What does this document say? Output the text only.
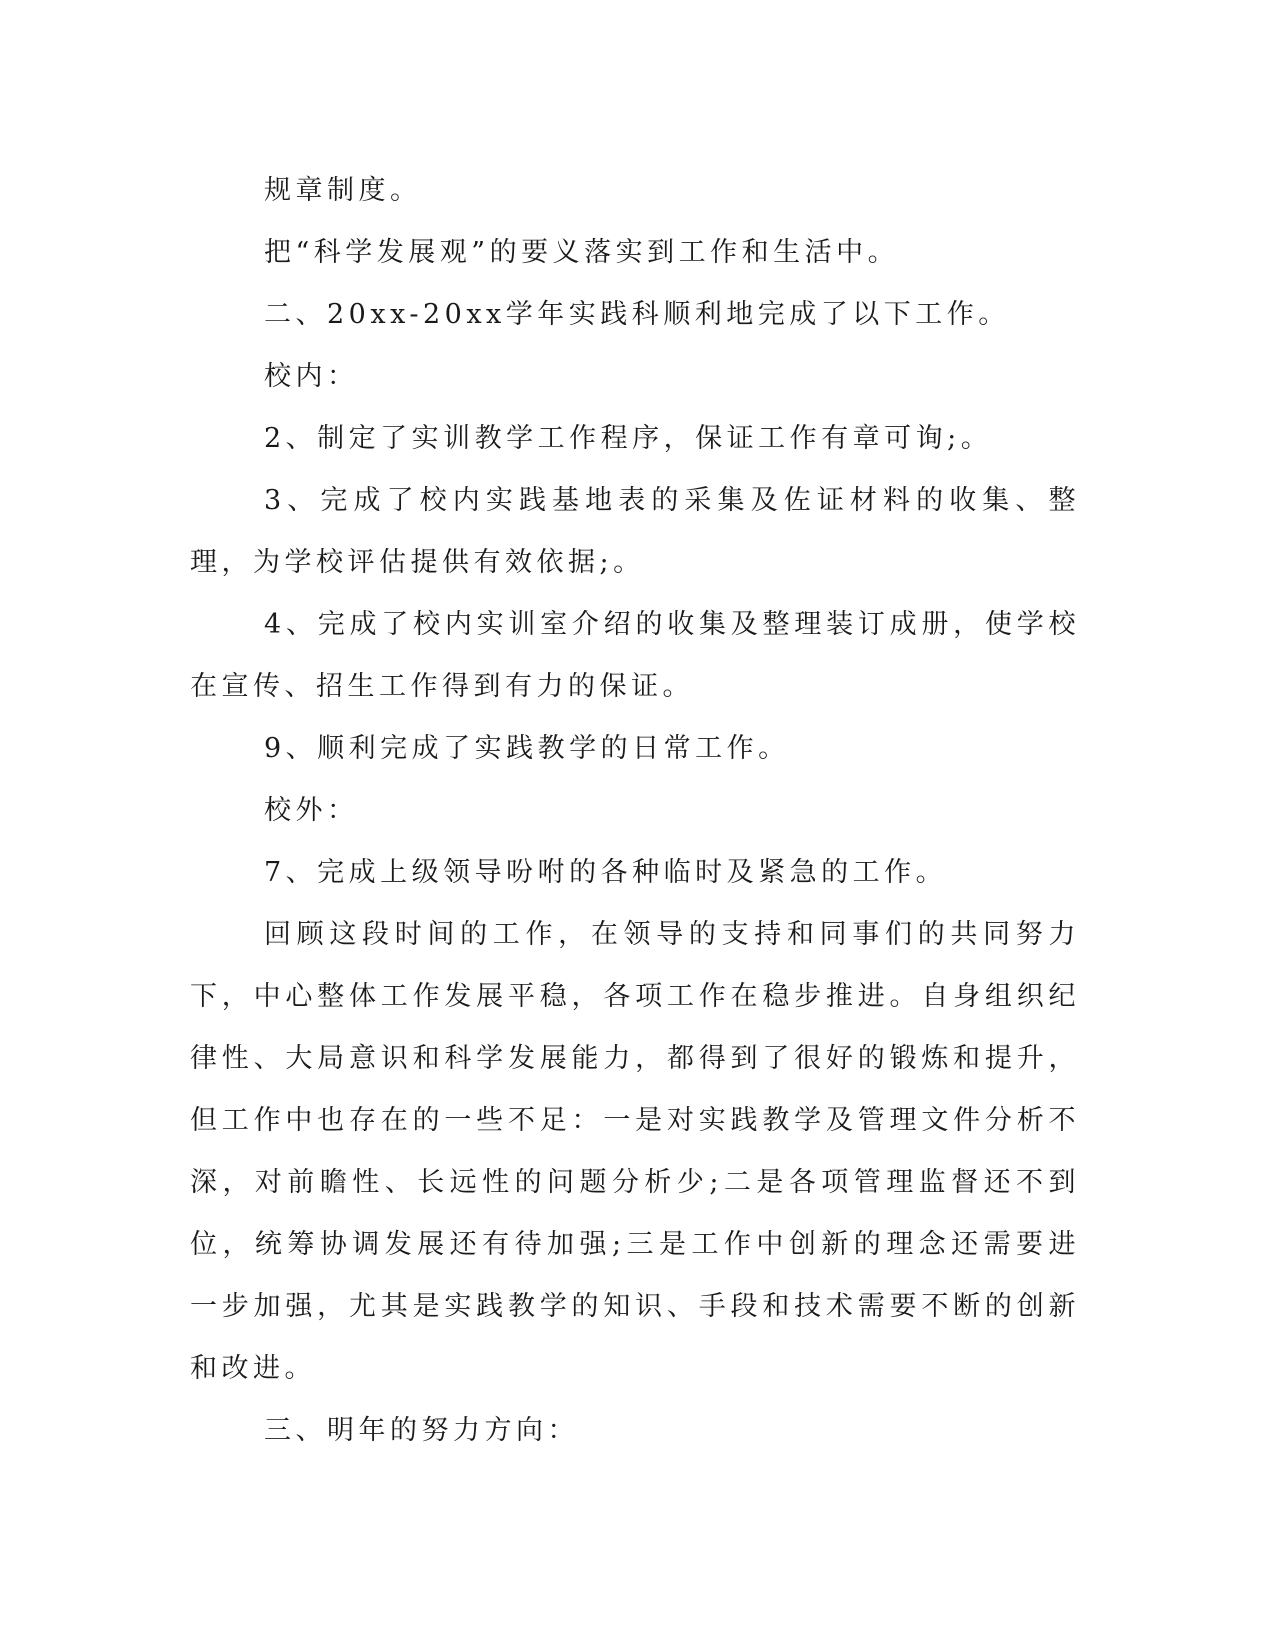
规章制度。

把“科学发展观”的要义落实到工作和生活中。

二、20xx-20xx学年实践科顺利地完成了以下工作。

校内：

2、制定了实训教学工作程序，保证工作有章可询;。

3、完成了校内实践基地表的采集及佐证材料的收集、整理，为学校评估提供有效依据;。

4、完成了校内实训室介绍的收集及整理装订成册，使学校在宣传、招生工作得到有力的保证。

9、顺利完成了实践教学的日常工作。

校外：

7、完成上级领导吩咐的各种临时及紧急的工作。

回顾这段时间的工作，在领导的支持和同事们的共同努力下，中心整体工作发展平稳，各项工作在稳步推进。自身组织纪律性、大局意识和科学发展能力，都得到了很好的锻炼和提升，但工作中也存在的一些不足：一是对实践教学及管理文件分析不深，对前瞻性、长远性的问题分析少;二是各项管理监督还不到位，统筹协调发展还有待加强;三是工作中创新的理念还需要进一步加强，尤其是实践教学的知识、手段和技术需要不断的创新和改进。

三、明年的努力方向：
